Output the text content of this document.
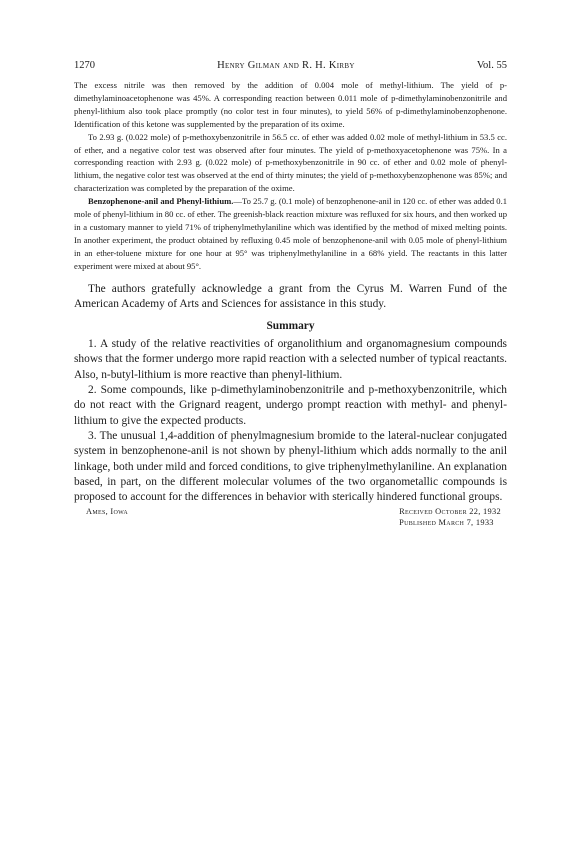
1270	Henry Gilman and R. H. Kirby	Vol. 55

The excess nitrile was then removed by the addition of 0.004 mole of methyl-lithium. The yield of p-dimethylaminoacetophenone was 45%. A corresponding reaction between 0.011 mole of p-dimethylaminobenzonitrile and phenyl-lithium also took place promptly (no color test in four minutes), to yield 56% of p-dimethylaminobenzophenone. Identification of this ketone was supplemented by the preparation of its oxime.

To 2.93 g. (0.022 mole) of p-methoxybenzonitrile in 56.5 cc. of ether was added 0.02 mole of methyl-lithium in 53.5 cc. of ether, and a negative color test was observed after four minutes. The yield of p-methoxyacetophenone was 75%. In a corresponding reaction with 2.93 g. (0.022 mole) of p-methoxybenzonitrile in 90 cc. of ether and 0.02 mole of phenyl-lithium, the negative color test was observed at the end of thirty minutes; the yield of p-methoxybenzophenone was 85%; and characterization was completed by the preparation of the oxime.

Benzophenone-anil and Phenyl-lithium.—To 25.7 g. (0.1 mole) of benzophenone-anil in 120 cc. of ether was added 0.1 mole of phenyl-lithium in 80 cc. of ether. The greenish-black reaction mixture was refluxed for six hours, and then worked up in a customary manner to yield 71% of triphenylmethylaniline which was identified by the method of mixed melting points. In another experiment, the product obtained by refluxing 0.45 mole of benzophenone-anil with 0.05 mole of phenyl-lithium in an ether-toluene mixture for one hour at 95° was triphenylmethylaniline in a 68% yield. The reactants in this latter experiment were mixed at about 95°.

The authors gratefully acknowledge a grant from the Cyrus M. Warren Fund of the American Academy of Arts and Sciences for assistance in this study.

Summary

1. A study of the relative reactivities of organolithium and organomagnesium compounds shows that the former undergo more rapid reaction with a selected number of typical reactants. Also, n-butyl-lithium is more reactive than phenyl-lithium.

2. Some compounds, like p-dimethylaminobenzonitrile and p-methoxybenzonitrile, which do not react with the Grignard reagent, undergo prompt reaction with methyl- and phenyl-lithium to give the expected products.

3. The unusual 1,4-addition of phenylmagnesium bromide to the lateral-nuclear conjugated system in benzophenone-anil is not shown by phenyl-lithium which adds normally to the anil linkage, both under mild and forced conditions, to give triphenylmethylaniline. An explanation based, in part, on the different molecular volumes of the two organometallic compounds is proposed to account for the differences in behavior with sterically hindered functional groups.

Ames, Iowa	Received October 22, 1932
Published March 7, 1933
